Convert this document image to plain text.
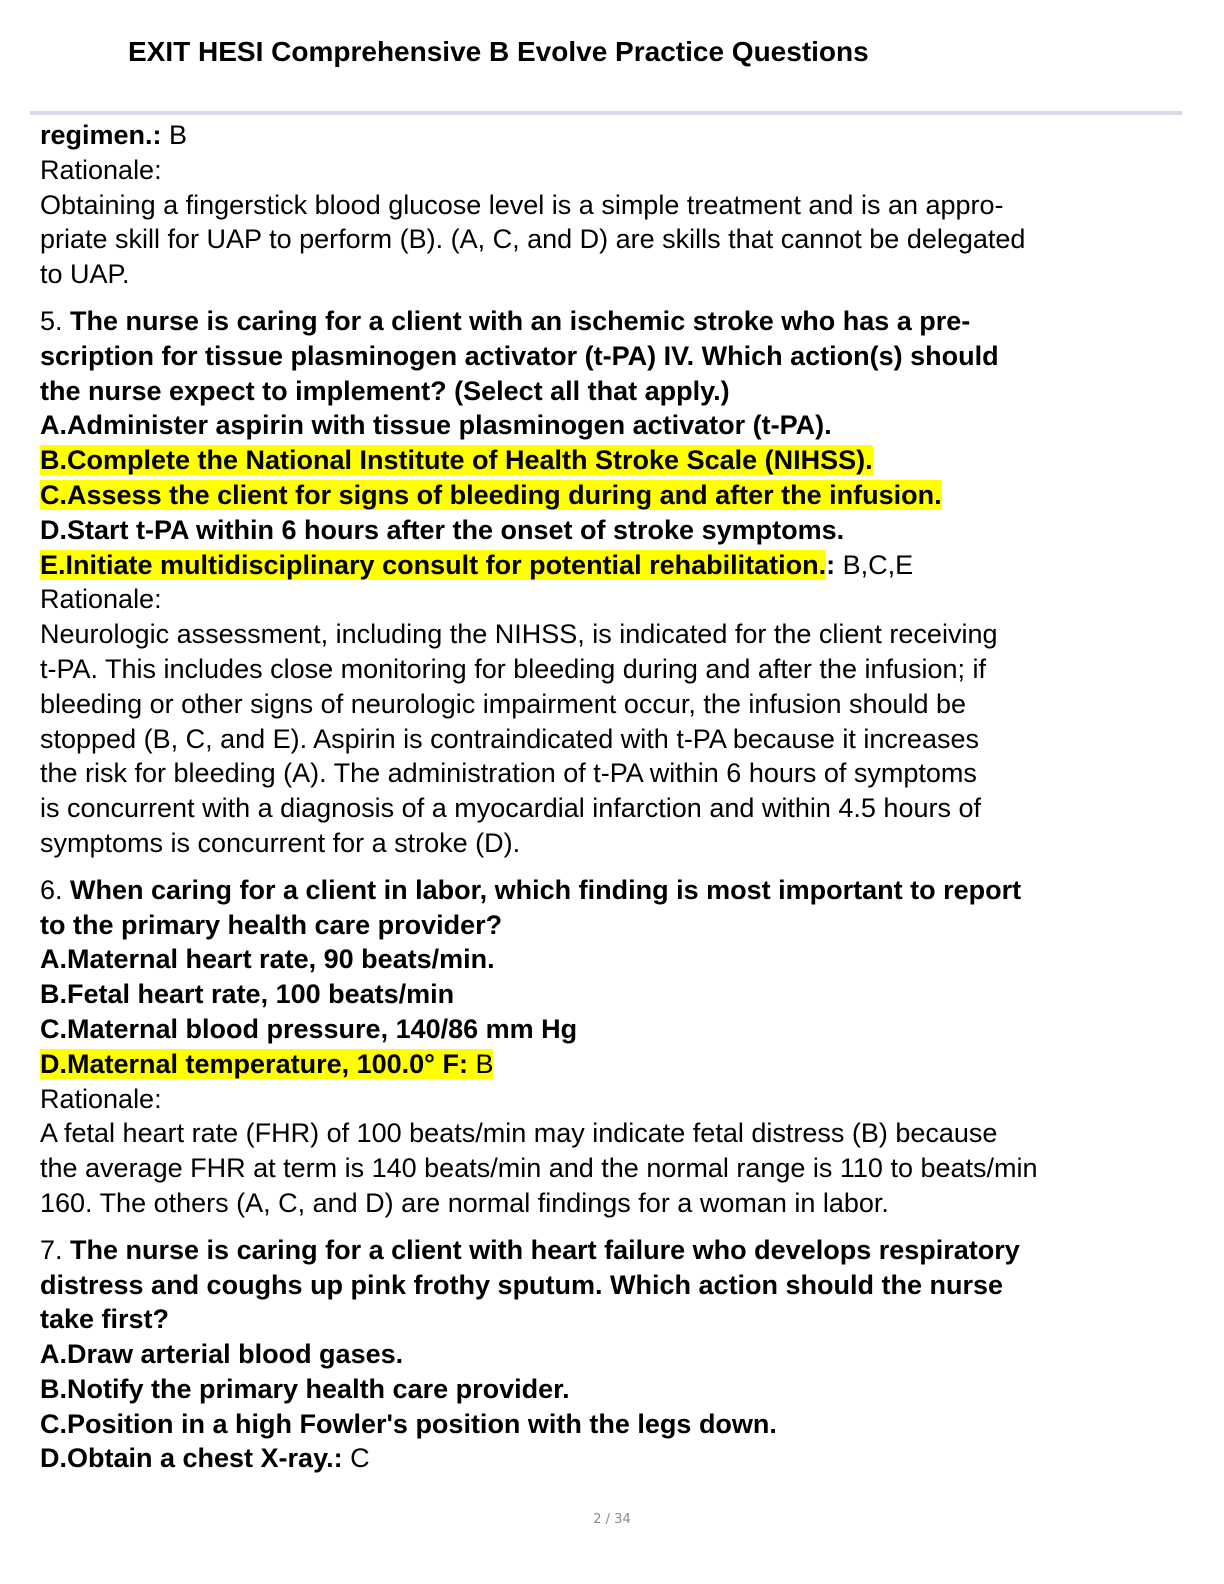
EXIT HESI Comprehensive B Evolve Practice Questions
regimen.: B
Rationale:
Obtaining a fingerstick blood glucose level is a simple treatment and is an appro-
priate skill for UAP to perform (B). (A, C, and D) are skills that cannot be delegated
to UAP.
5. The nurse is caring for a client with an ischemic stroke who has a pre-
scription for tissue plasminogen activator (t-PA) IV. Which action(s) should
the nurse expect to implement? (Select all that apply.)
A.Administer aspirin with tissue plasminogen activator (t-PA).
B.Complete the National Institute of Health Stroke Scale (NIHSS).
C.Assess the client for signs of bleeding during and after the infusion.
D.Start t-PA within 6 hours after the onset of stroke symptoms.
E.Initiate multidisciplinary consult for potential rehabilitation.: B,C,E
Rationale:
Neurologic assessment, including the NIHSS, is indicated for the client receiving
t-PA. This includes close monitoring for bleeding during and after the infusion; if
bleeding or other signs of neurologic impairment occur, the infusion should be
stopped (B, C, and E). Aspirin is contraindicated with t-PA because it increases
the risk for bleeding (A). The administration of t-PA within 6 hours of symptoms
is concurrent with a diagnosis of a myocardial infarction and within 4.5 hours of
symptoms is concurrent for a stroke (D).
6. When caring for a client in labor, which finding is most important to report
to the primary health care provider?
A.Maternal heart rate, 90 beats/min.
B.Fetal heart rate, 100 beats/min
C.Maternal blood pressure, 140/86 mm Hg
D.Maternal temperature, 100.0° F: B
Rationale:
A fetal heart rate (FHR) of 100 beats/min may indicate fetal distress (B) because
the average FHR at term is 140 beats/min and the normal range is 110 to beats/min
160. The others (A, C, and D) are normal findings for a woman in labor.
7. The nurse is caring for a client with heart failure who develops respiratory
distress and coughs up pink frothy sputum. Which action should the nurse
take first?
A.Draw arterial blood gases.
B.Notify the primary health care provider.
C.Position in a high Fowler's position with the legs down.
D.Obtain a chest X-ray.: C
2 / 34
